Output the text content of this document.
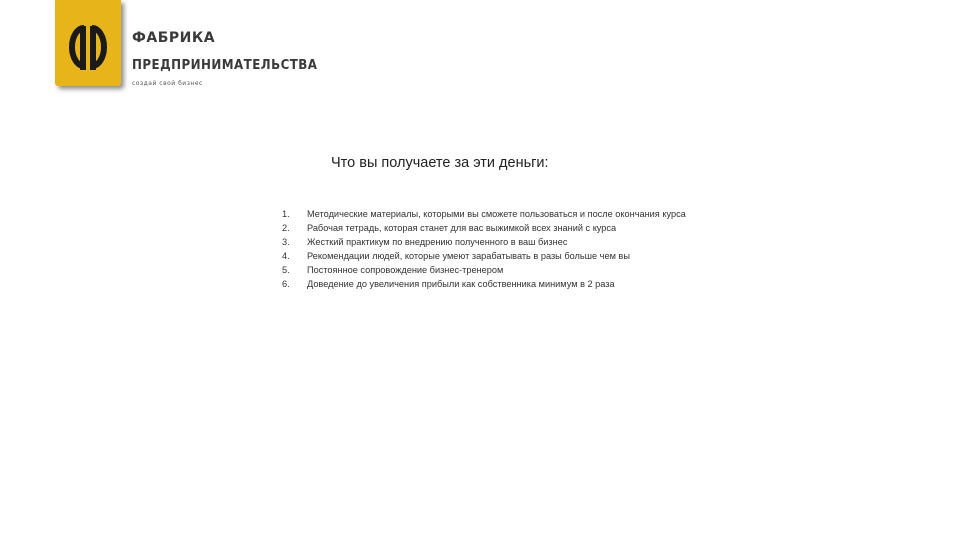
ФАБРИКА
ПРЕДПРИНИМАТЕЛЬСТВА
создай свой бизнес
Что вы получаете за эти деньги:
1. Методические материалы, которыми вы сможете пользоваться и после окончания курса
2. Рабочая тетрадь, которая станет для вас выжимкой всех знаний с курса
3. Жесткий практикум по внедрению полученного в ваш бизнес
4. Рекомендации людей, которые умеют зарабатывать в разы больше чем вы
5. Постоянное сопровождение бизнес-тренером
6. Доведение до увеличения прибыли как собственника минимум в 2 раза
